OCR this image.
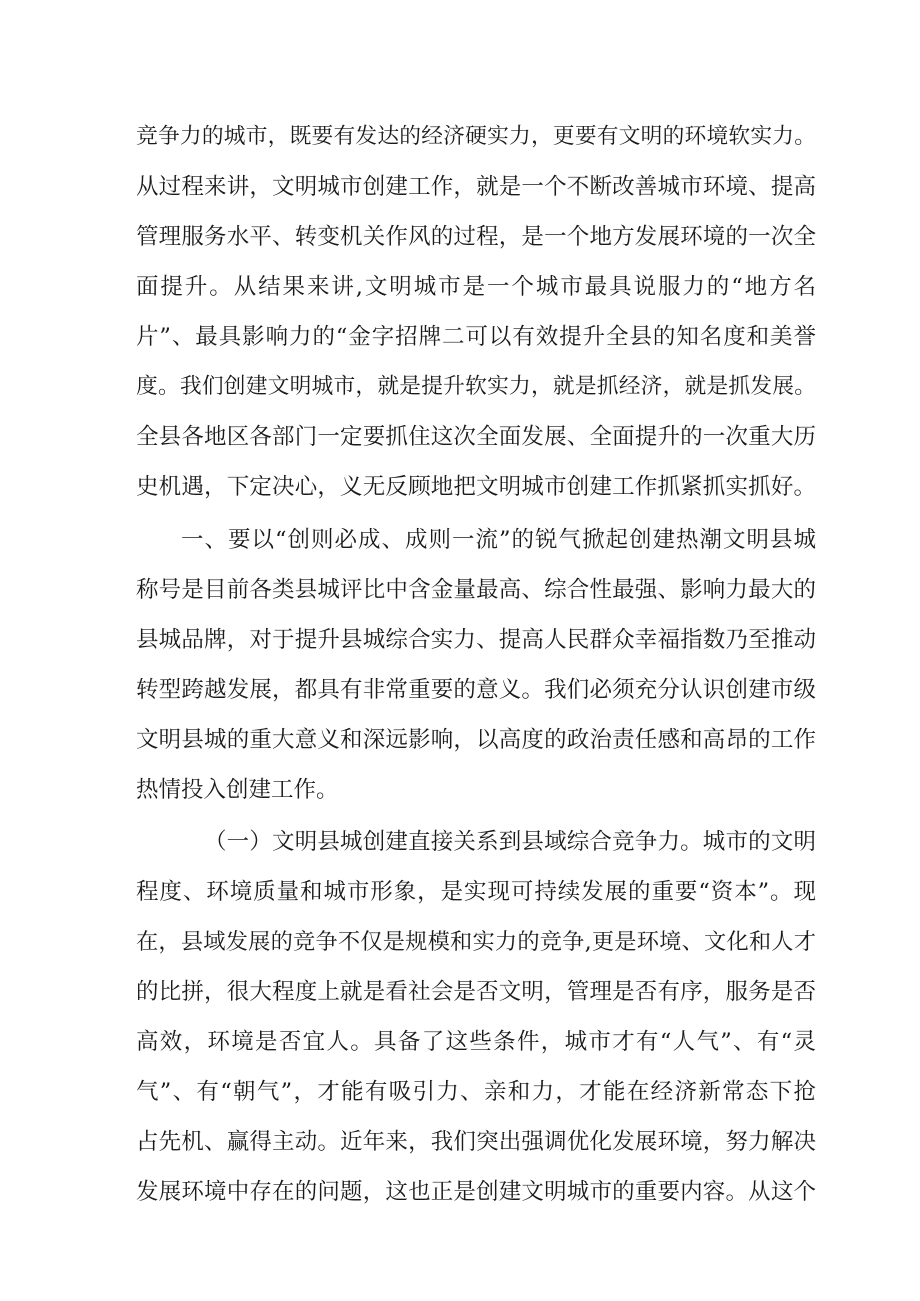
竞争力的城市，既要有发达的经济硬实力，更要有文明的环境软实力。
从过程来讲，文明城市创建工作，就是一个不断改善城市环境、提高
管理服务水平、转变机关作风的过程，是一个地方发展环境的一次全
面提升。从结果来讲,文明城市是一个城市最具说服力的“地方名
片”、最具影响力的“金字招牌二可以有效提升全县的知名度和美誉
度。我们创建文明城市，就是提升软实力，就是抓经济，就是抓发展。
全县各地区各部门一定要抓住这次全面发展、全面提升的一次重大历
史机遇，下定决心，义无反顾地把文明城市创建工作抓紧抓实抓好。
一、要以“创则必成、成则一流”的锐气掀起创建热潮文明县城
称号是目前各类县城评比中含金量最高、综合性最强、影响力最大的
县城品牌，对于提升县城综合实力、提高人民群众幸福指数乃至推动
转型跨越发展，都具有非常重要的意义。我们必须充分认识创建市级
文明县城的重大意义和深远影响，以高度的政治责任感和高昂的工作
热情投入创建工作。
（一）文明县城创建直接关系到县域综合竞争力。城市的文明
程度、环境质量和城市形象，是实现可持续发展的重要“资本”。现
在，县域发展的竞争不仅是规模和实力的竞争,更是环境、文化和人才
的比拼，很大程度上就是看社会是否文明，管理是否有序，服务是否
高效，环境是否宜人。具备了这些条件，城市才有“人气”、有“灵
气”、有“朝气”，才能有吸引力、亲和力，才能在经济新常态下抢
占先机、赢得主动。近年来，我们突出强调优化发展环境，努力解决
发展环境中存在的问题，这也正是创建文明城市的重要内容。从这个
